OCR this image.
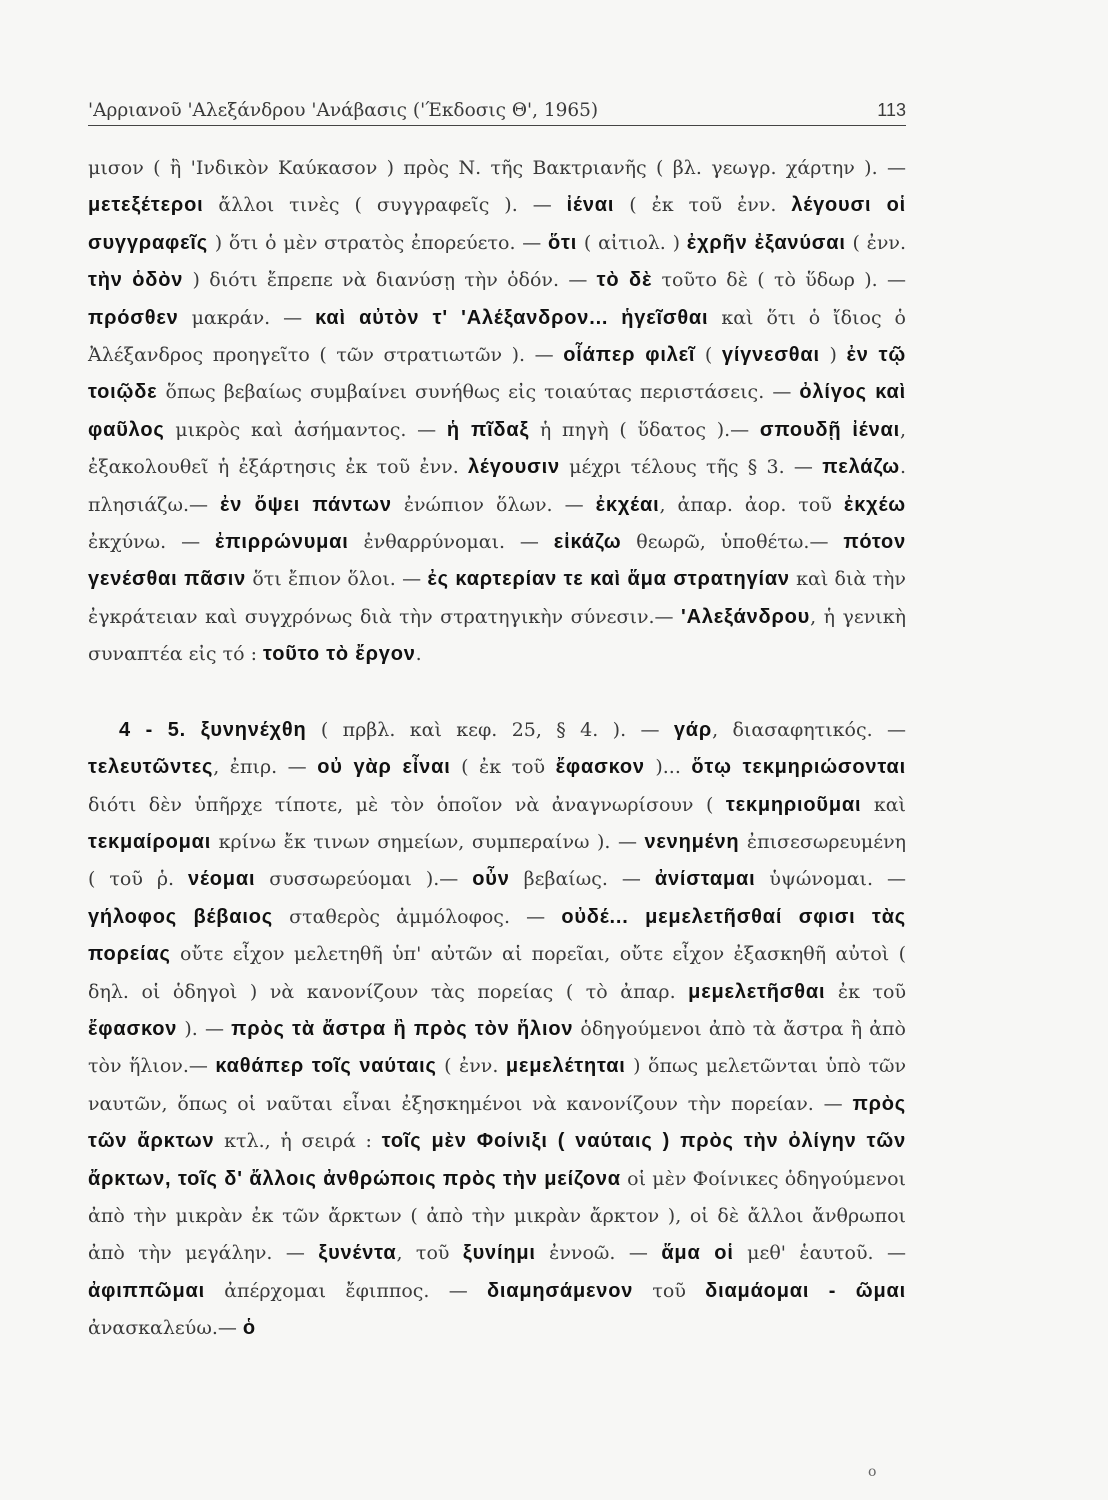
'Αρριανοῦ 'Αλεξάνδρου 'Ανάβασις ('Έκδοσις Θ', 1965)	113

μισον ( ἢ 'Ινδικὸν Καύκασον ) πρὸς Ν. τῆς Βακτριανῆς ( βλ. γεωγρ. χάρτην ). — μετεξέτεροι ἄλλοι τινὲς ( συγγραφεῖς ). — ἰέναι ( ἐκ τοῦ ἐνν. λέγουσι οἱ συγγραφεῖς ) ὅτι ὁ μὲν στρατὸς ἐπορεύετο. — ὅτι ( αἰτιολ. ) ἐχρῆν ἐξανύσαι ( ἐνν. τὴν ὁδὸν ) διότι ἔπρεπε νὰ διανύσῃ τὴν ὁδόν. — τὸ δὲ τοῦτο δὲ ( τὸ ὕδωρ ). — πρόσθεν μακράν. — καὶ αὐτὸν τ' 'Αλέξανδρον... ἡγεῖσθαι καὶ ὅτι ὁ ἴδιος ὁ Ἀλέξανδρος προηγεῖτο ( τῶν στρατιωτῶν ). — οἷάπερ φιλεῖ ( γίγνεσθαι ) ἐν τῷ τοιῷδε ὅπως βεβαίως συμβαίνει συνήθως εἰς τοιαύτας περιστάσεις. — ὀλίγος καὶ φαῦλος μικρὸς καὶ ἀσήμαντος. — ἡ πῖδαξ ἡ πηγὴ ( ὕδατος ).— σπουδῇ ἰέναι, ἐξακολουθεῖ ἡ ἐξάρτησις ἐκ τοῦ ἐνν. λέγουσιν μέχρι τέλους τῆς § 3. — πελάζω. πλησιάζω.— ἐν ὄψει πάντων ἐνώπιον ὅλων. — ἐκχέαι, ἀπαρ. ἀορ. τοῦ ἐκχέω ἐκχύνω. — ἐπιρρώνυμαι ἐνθαρρύνομαι. — εἰκάζω θεωρῶ, ὑποθέτω.— πότον γενέσθαι πᾶσιν ὅτι ἔπιον ὅλοι. — ἐς καρτερίαν τε καὶ ἅμα στρατηγίαν καὶ διὰ τὴν ἐγκράτειαν καὶ συγχρόνως διὰ τὴν στρατηγικὴν σύνεσιν.— 'Αλεξάνδρου, ἡ γενικὴ συναπτέα εἰς τό : τοῦτο τὸ ἔργον.

4 - 5. ξυνηνέχθη ( πρβλ. καὶ κεφ. 25, § 4. ). — γάρ, διασαφητικός. — τελευτῶντες, ἐπιρ. — οὐ γὰρ εἶναι ( ἐκ τοῦ ἔφασκον )... ὅτῳ τεκμηριώσονται διότι δὲν ὑπῆρχε τίποτε, μὲ τὸν ὁποῖον νὰ ἀναγνωρίσουν ( τεκμηριοῦμαι καὶ τεκμαίρομαι κρίνω ἔκ τινων σημείων, συμπεραίνω ). — νενημένη ἐπισεσωρευμένη ( τοῦ ῥ. νέομαι συσσωρεύομαι ).— οὖν βεβαίως. — ἀνίσταμαι ὑψώνομαι. — γήλοφος βέβαιος σταθερὸς ἀμμόλοφος. — οὐδέ... μεμελετῆσθαί σφισι τὰς πορείας οὔτε εἶχον μελετηθῆ ὑπ' αὐτῶν αἱ πορεῖαι, οὔτε εἶχον ἐξασκηθῆ αὐτοὶ ( δηλ. οἱ ὁδηγοὶ ) νὰ κανονίζουν τὰς πορείας ( τὸ ἀπαρ. μεμελετῆσθαι ἐκ τοῦ ἔφασκον ). — πρὸς τὰ ἄστρα ἢ πρὸς τὸν ἥλιον ὁδηγούμενοι ἀπὸ τὰ ἄστρα ἢ ἀπὸ τὸν ἥλιον.— καθάπερ τοῖς ναύταις ( ἐνν. μεμελέτηται ) ὅπως μελετῶνται ὑπὸ τῶν ναυτῶν, ὅπως οἱ ναῦται εἶναι ἐξησκημένοι νὰ κανονίζουν τὴν πορείαν. — πρὸς τῶν ἄρκτων κτλ., ἡ σειρά : τοῖς μὲν Φοίνιξι ( ναύταις ) πρὸς τὴν ὀλίγην τῶν ἄρκτων, τοῖς δ' ἄλλοις ἀνθρώποις πρὸς τὴν μείζονα οἱ μὲν Φοίνικες ὁδηγούμενοι ἀπὸ τὴν μικρὰν ἐκ τῶν ἄρκτων ( ἀπὸ τὴν μικρὰν ἄρκτον ), οἱ δὲ ἄλλοι ἄνθρωποι ἀπὸ τὴν μεγάλην. — ξυνέντα, τοῦ ξυνίημι ἐννοῶ. — ἅμα οἱ μεθ' ἑαυτοῦ. — ἀφιππῶμαι ἀπέρχομαι ἔφιππος. — διαμησάμενον τοῦ διαμάομαι - ῶμαι ἀνασκαλεύω.— ὁ

ο
